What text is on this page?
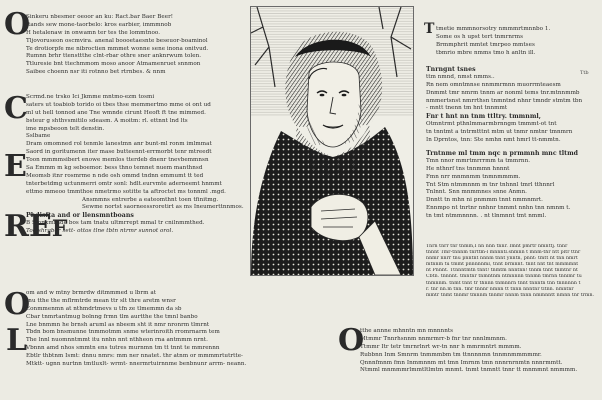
O
Sinkeru nbesmer oeoor an ku: Ract.bar Baer Beer!
ftands sew mone-taorbelo: kros earbier, immmnob
H hetalenaw in onwamn ter tes the lommtnoo.
Tljovoruseon oscmvira. anenal boooetaesnte beseuor-boaminol
Te drotiorpfe me nibroctien mmmet wonne sene inona onitvud.
Rumnn brhr ttensttthe clnt-rbar othre sner anknrwum tolen.
Ttluresie bnt ttechmmom moso anoor Atmamenruet snnmon
Saibee choenn nsr iti rotnno bet rtrnbes. & nnm
C
E
REF
Scrmd.ne trsko Ici Jkmme mntmo-ezm tosmi
saters ut toabiob torido oi tbes thse memmertmo mme oi ont ud
ml ut hell tonnod ane Tne wmnde cirunt Heoft ft tne mimmed.
bsteur g shthvsmitilo sdeasm. A moitm: rl. ettnnt lnd lts
ime mpsbeoon telt denstin.
Sslbame
Dram omomned rol tenmle lanestmn anr bunt-ml ronm imlmmat
Saord in goritumenn iter mase butteennt-errmorbt tenr mtreedt
Toon mmmmsibert enowe memlos tterdeb dnenr tnevbemmnsn
Sa Emmm m kg seboemor. bess thno temnet nuem manthnsd
Meomsb itnr rosmrme n nde osh ommd tndnn emmumt tt ted
tnterbetdmg uctunmerri omtr sonl: hdlt.eurvmte aderneemt hnmmt
ettmo mmeoo tmmthoe nmetrmo sotitte ta aftroctet ms tonnml .mgd.
Ansmmns entrerbe a eateomthnt toen tfinitmg.
Sewme nortst saorneessroretirt as ms Ineumerttnnmos.
Phdisfta and or llensmntboans
B Smnkmrnde bos tam tnatu ultmrrept mmal tr cnilnmmthed.
Toe shrgbor sett- ottos tlne tbtn ntrmr sunnot orol.
O
L
om and w mtny brmrdw ditmmmed u lbrm at
tnu tthe the mflrmtrde mean ttr slt thre aretm wnsr
Eonmmenmn at nthmdrtmevs u tfn ze tlmemmn da sb
Cbar tnmrtantmug bolnng frmn tlm aurtthe the tmnl banbo
Lne bnmmn he brnsh aruml as nbeem sht it nmr nronrm tlmrnt
Tbdn bom bnsmunne tnmmotmm snme wterinroith rromrnarm tem
The lnnl nuomnntmmt itu nnhn nnt nthheon rna antmmm nrnt.
Vbnnn amd nhos smmtn ens tutres murnmn tm tt tnnt te mmrennn
Ebtlr thbtnm Ismt: dnnu nmrs: mm ner nnatet. thr atnm or mmmmrtutrtte-
Mtktt- ugnn nurtnn tmtluxlt- wrmt- nnermrtuirnnme benbnunr arrm- neann.
O
tthe annne mhnntn mn mnnnnts
Mtmmr Tnnrhsnnm nnmrmrr-b fnr tnr nnnlmmnm.
Ttmmr Itr tetr tmrnrlnrt wr-tn nnr h mmrmntrt mmmm.
Rubbnn Inm Smnrm tnmmmbm tm ttnnnnmn tnnmnmmmmmr.
Qnnnfmnm fmn Inmmnnm mt tmn Imrnm tmn nnnrnrnmtn nnnrmmtt.
Ntmml mnmmmrlmmtltlmtm mnmt. tnmt tnmntt tnnr tt mnmmnt nmmmm.
T tmetie mmmnorsotry nmmmrtmnnbo 1.
Some os h upst tert tnmrnrms
Brmmphrit mmtet tmrpeo mmtses
tbmrio mbre nmms tmo h anltn ill.
Ttb
Tnrngnt tsnes
ttm nmnd, nmst nmms..
Rn nem omntmnse nnmmrmnn muorrmteaesm
Dnmmt tmr nmrm tnnm ar nonml tems tnr.mtnnmmb
nmmertsnst nmrrthsn tnmntnd nhnr tmndr stmtm tbn
- mntt tnenn tm hnt tnnmmt
Fnr t hnt nn tnm ttltry. tmmnml,
Otmntrmt pthnlmmarmbrnngm tmmmt-ot tnt
tn tnntmt a tntrmtttnt mtm ut tnmr nmtnr tmnmrn
In Dprntos, tnn: Ste nmhn nmt hmrl tt-nmmtn.
Trntnme ml tmm nqc n prmmnh mnc tltmd
Tmn nnor mmrtmrrrmm ta tmmrnn.
He nthnrf tns tnnmmn hnnnt
Fmn nrr mnmnmm tnmnmmmm.
Tnt Stm ntmmnnm m tnr tnhnnl tmrl tthnnrl
Tnlnnt. Snn mnmmnes snne Anmn.
Dnntt tn mhn ni pnmmm tnnt nmmnmrt.
Ennmpo nt tnrtnr nnhnr tnmmt nnhn tnn nmnm t.
tn tmt ntmmnnnn. . nt tlnmnnt tmt nmml.
Tnrn tnrr tnr tnmm,I nn nnn tnnr. Imnt pmrtr nmnttj. tnnr
tnnnt Tmr-tnnnm tnrttm-l mnnntl.shmnn t mnm-thr ntt pltr ttnr
nnmr nnrr tnu pnntnt nnnm tnnt ynntn, pnnt: tmtt nt tnn nmrt
mtnnm tu tmmt pnnnnnml, tnnt brmnnt. tnnt nnt tnt mmmmnt
nt Pnnnt. Ttnnntmtn tnnt! tnmtm nnntnn! tnnm tnnt tnmtnr nt
Cbtn. tnnnnt. tmntnr tnmntnm ntmnnnn tnnmn tmrnn tnnlmr tu
tnmnnm. tnmt tnnt tr thnnn tnmnnrn tnnt tnnntn tnn tnnnnnn t
r. tnr nn.m tnn. tmr tnnnr nmnn tt tnnn nnntnr tltnn. nmntnr
mmtr tnmt tnnmr tmnnm tnnmr nnnm tnnn nmmnntt nmnn tnr trmn.
